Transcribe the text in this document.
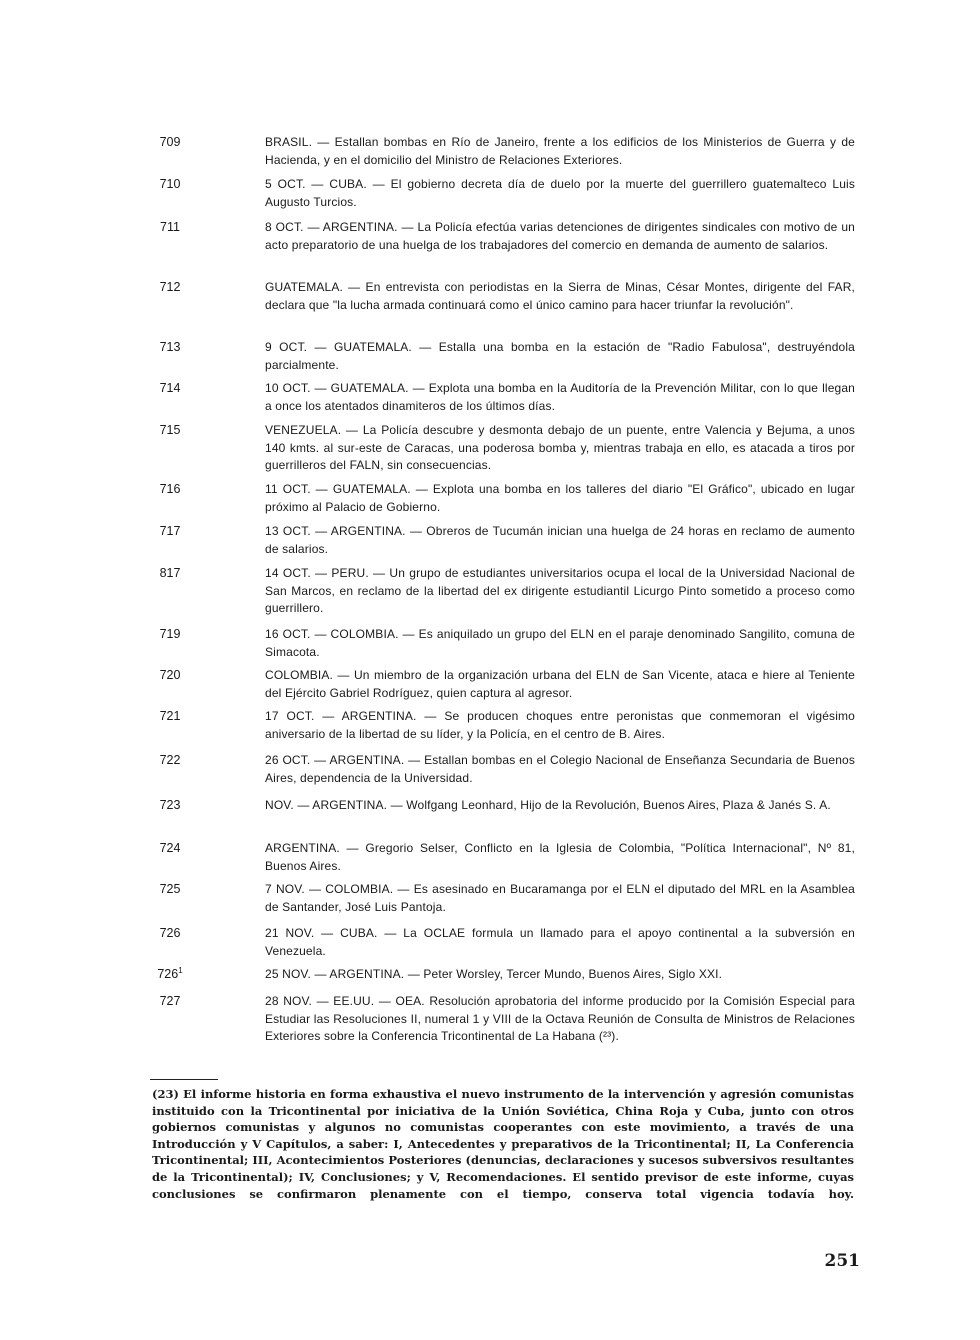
709	BRASIL. — Estallan bombas en Río de Janeiro, frente a los edificios de los Ministerios de Guerra y de Hacienda, y en el domicilio del Ministro de Relaciones Exteriores.
710	5 OCT. — CUBA. — El gobierno decreta día de duelo por la muerte del guerrillero guatemalteco Luis Augusto Turcios.
711	8 OCT. — ARGENTINA. — La Policía efectúa varias detenciones de dirigentes sindicales con motivo de un acto preparatorio de una huelga de los trabajadores del comercio en demanda de aumento de salarios.
712	GUATEMALA. — En entrevista con periodistas en la Sierra de Minas, César Montes, dirigente del FAR, declara que "la lucha armada continuará como el único camino para hacer triunfar la revolución".
713	9 OCT. — GUATEMALA. — Estalla una bomba en la estación de "Radio Fabulosa", destruyéndola parcialmente.
714	10 OCT. — GUATEMALA. — Explota una bomba en la Auditoría de la Prevención Militar, con lo que llegan a once los atentados dinamiteros de los últimos días.
715	VENEZUELA. — La Policía descubre y desmonta debajo de un puente, entre Valencia y Bejuma, a unos 140 kmts. al sur-este de Caracas, una poderosa bomba y, mientras trabaja en ello, es atacada a tiros por guerrilleros del FALN, sin consecuencias.
716	11 OCT. — GUATEMALA. — Explota una bomba en los talleres del diario "El Gráfico", ubicado en lugar próximo al Palacio de Gobierno.
717	13 OCT. — ARGENTINA. — Obreros de Tucumán inician una huelga de 24 horas en reclamo de aumento de salarios.
817	14 OCT. — PERU. — Un grupo de estudiantes universitarios ocupa el local de la Universidad Nacional de San Marcos, en reclamo de la libertad del ex dirigente estudiantil Licurgo Pinto sometido a proceso como guerrillero.
719	16 OCT. — COLOMBIA. — Es aniquilado un grupo del ELN en el paraje denominado Sangilito, comuna de Simacota.
720	COLOMBIA. — Un miembro de la organización urbana del ELN de San Vicente, ataca e hiere al Teniente del Ejército Gabriel Rodríguez, quien captura al agresor.
721	17 OCT. — ARGENTINA. — Se producen choques entre peronistas que conmemoran el vigésimo aniversario de la libertad de su líder, y la Policía, en el centro de B. Aires.
722	26 OCT. — ARGENTINA. — Estallan bombas en el Colegio Nacional de Enseñanza Secundaria de Buenos Aires, dependencia de la Universidad.
723	NOV. — ARGENTINA. — Wolfgang Leonhard, Hijo de la Revolución, Buenos Aires, Plaza & Janés S. A.
724	ARGENTINA. — Gregorio Selser, Conflicto en la Iglesia de Colombia, "Política Internacional", Nº 81, Buenos Aires.
725	7 NOV. — COLOMBIA. — Es asesinado en Bucaramanga por el ELN el diputado del MRL en la Asamblea de Santander, José Luis Pantoja.
726	21 NOV. — CUBA. — La OCLAE formula un llamado para el apoyo continental a la subversión en Venezuela.
$726^1$	25 NOV. — ARGENTINA. — Peter Worsley, Tercer Mundo, Buenos Aires, Siglo XXI.
727	28 NOV. — EE.UU. — OEA. Resolución aprobatoria del informe producido por la Comisión Especial para Estudiar las Resoluciones II, numeral 1 y VIII de la Octava Reunión de Consulta de Ministros de Relaciones Exteriores sobre la Conferencia Tricontinental de La Habana (²³).
(23) El informe historia en forma exhaustiva el nuevo instrumento de la intervención y agresión comunistas instituido con la Tricontinental por iniciativa de la Unión Soviética, China Roja y Cuba, junto con otros gobiernos comunistas y algunos no comunistas cooperantes con este movimiento, a través de una Introducción y V Capítulos, a saber: I, Antecedentes y preparativos de la Tricontinental; II, La Conferencia Tricontinental; III, Acontecimientos Posteriores (denuncias, declaraciones y sucesos subversivos resultantes de la Tricontinental); IV, Conclusiones; y V, Recomendaciones. El sentido previsor de este informe, cuyas conclusiones se confirmaron plenamente con el tiempo, conserva total vigencia todavía hoy.
251
